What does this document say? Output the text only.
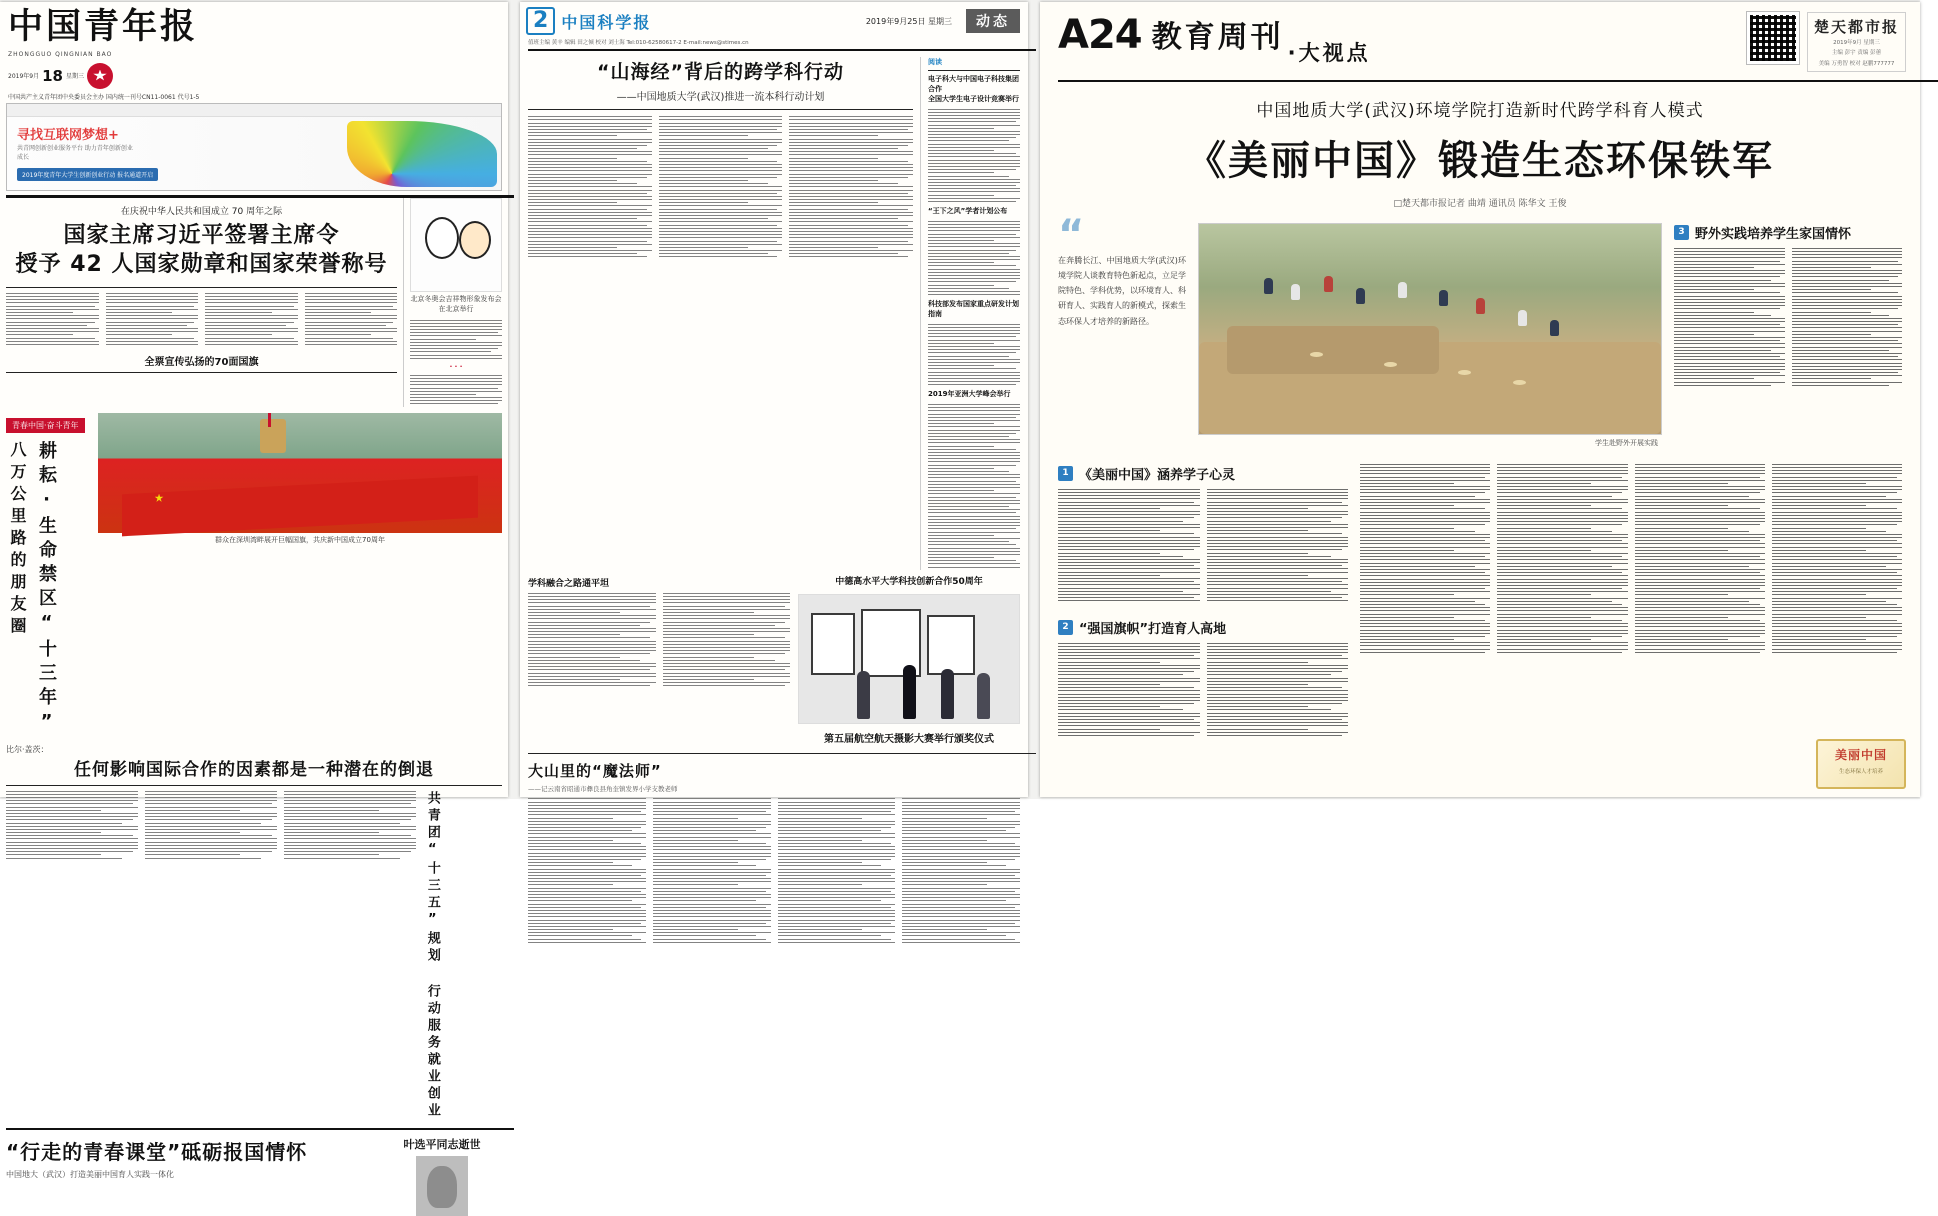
中国青年报
ZHONGGUO QINGNIAN BAO
2019年9月 18 星期三
中国共产主义青年团中央委员会主办 国内统一刊号CN11-0061 代号1-5
寻找互联网梦想+
共青网创新创业服务平台 助力青年创新创业成长
2019年度青年大学生创新创业行动 报名通道开启
在庆祝中华人民共和国成立 70 周年之际
国家主席习近平签署主席令
授予 42 人国家勋章和国家荣誉称号
全票宣传弘扬的70面国旗
北京冬奥会吉祥物形象发布会在北京举行
· · ·
青春中国·奋斗青年
八万公里路的朋友圈 耕耘·生命禁区“十三年”	群众在深圳湾畔展开巨幅国旗，共庆新中国成立70周年
比尔·盖茨：
任何影响国际合作的因素都是一种潜在的倒退
共青团“十三五”规划 行动服务就业创业
“行走的青春课堂”砥砺报国情怀
中国地大（武汉）打造美丽中国育人实践一体化
叶选平同志逝世
2 中国科学报	2019年9月25日 星期三	动态
值班主编 黄辛 编辑 田之倾 校对 刘士海 Tel:010-62580617-2 E-mail:news@stimes.cn
“山海经”背后的跨学科行动
——中国地质大学(武汉)推进一流本科行动计划
阅读
电子科大与中国电子科技集团合作
全国大学生电子设计竞赛举行
“王下之风”学者计划公布
科技部发布国家重点研发计划指南
2019年亚洲大学峰会举行
学科融合之路通平坦	中德高水平大学科技创新合作50周年
第五届航空航天摄影大赛举行颁奖仪式
大山里的“魔法师”
——记云南省昭通市彝良县角奎镇发界小学支教老师
A24 教育周刊 ·大视点
楚天都市报
2019年9月 星期三
主编 彭宇 责编 彭蕙
美编 万勇智 校对 赵鹏777777
中国地质大学(武汉)环境学院打造新时代跨学科育人模式
《美丽中国》锻造生态环保铁军
□楚天都市报记者 曲靖 通讯员 陈华文 王俊
“
在奔腾长江、中国地质大学(武汉)环境学院人谈教育特色新起点，立足学院特色、学科优势，以环境育人、科研育人、实践育人的新模式，探索生态环保人才培养的新路径。
学生赴野外开展实践
3 野外实践培养学生家国情怀
1 《美丽中国》涵养学子心灵
2 “强国旗帜”打造育人高地
美丽中国
生态环保人才培养
